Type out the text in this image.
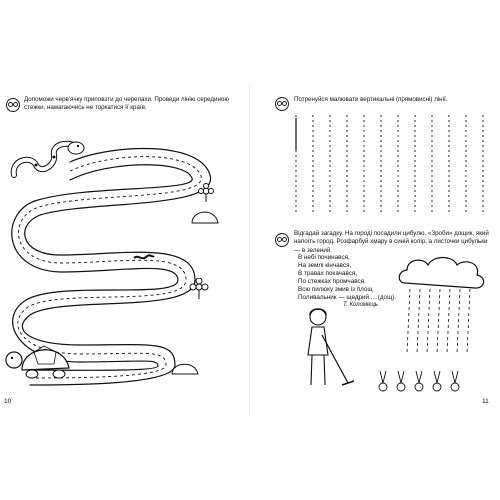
Допоможи черв'ячку приповзти до черепахи. Проведи лінію серединою стежки, намагаючись не торкатися її країв.
10
Потренуйся малювати вертикальні (прямовисні) лінії.
Відгадай загадку. На городі посадили цибулю. «Зроби» дощик, який напоїть город. Розфарбуй хмару в синій колір, а листочки цибульки — в зелений.
11
В небі починався,
На землі кінчався,
В травах покачався,
По стежках промчався.
Всю пилюку змив із площ
Поливальник — щедрий ... (дощ).
Т. Коломієць
